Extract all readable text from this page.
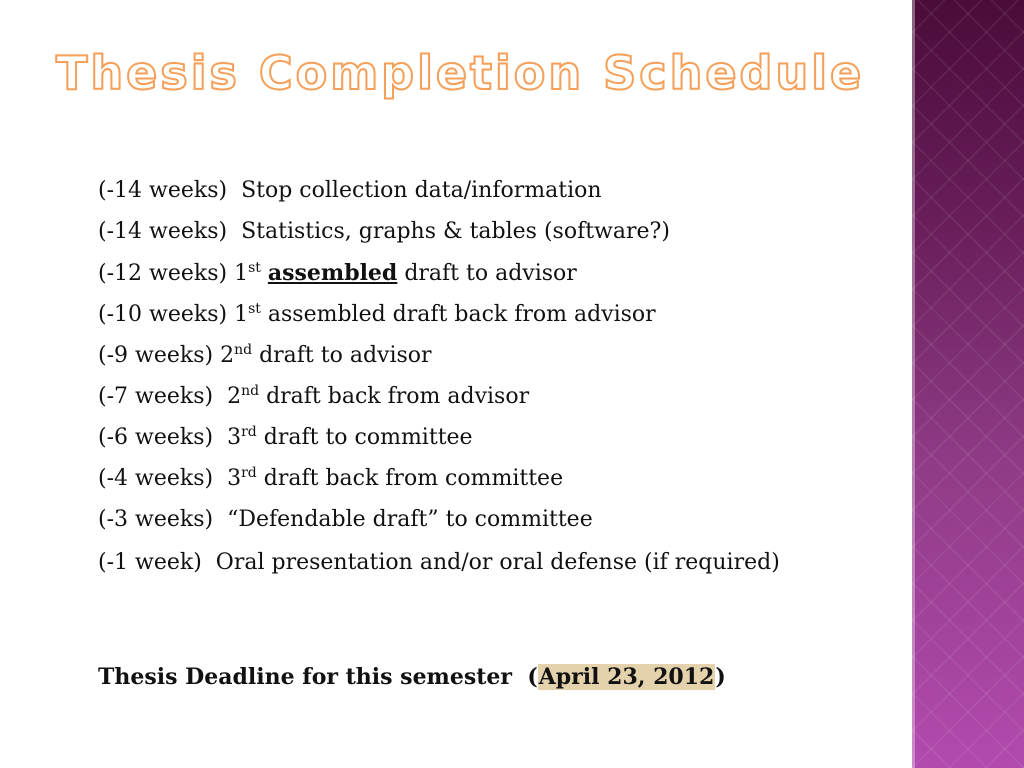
Thesis Completion Schedule
(-14 weeks) Stop collection data/information
(-14 weeks) Statistics, graphs & tables (software?)
(-12 weeks) 1st assembled draft to advisor
(-10 weeks) 1st assembled draft back from advisor
(-9 weeks) 2nd draft to advisor
(-7 weeks) 2nd draft back from advisor
(-6 weeks) 3rd draft to committee
(-4 weeks) 3rd draft back from committee
(-3 weeks) “Defendable draft” to committee
(-1 week) Oral presentation and/or oral defense (if required)

Thesis Deadline for this semester (April 23, 2012)
